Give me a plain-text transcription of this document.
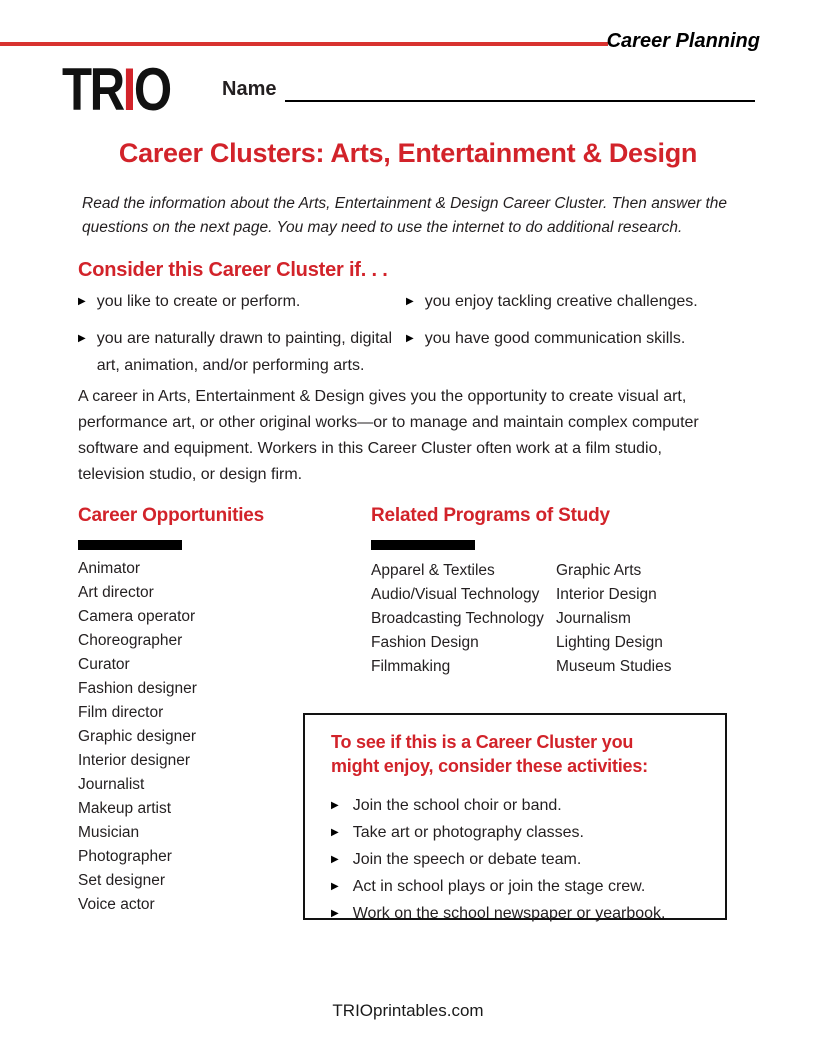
Career Planning
TRIO	Name
Career Clusters: Arts, Entertainment & Design

Read the information about the Arts, Entertainment & Design Career Cluster. Then answer the questions on the next page. You may need to use the internet to do additional research.

Consider this Career Cluster if. . .
▶ you like to create or perform.
▶ you are naturally drawn to painting, digital art, animation, and/or performing arts.
▶ you enjoy tackling creative challenges.
▶ you have good communication skills.

A career in Arts, Entertainment & Design gives you the opportunity to create visual art, performance art, or other original works—or to manage and maintain complex computer software and equipment. Workers in this Career Cluster often work at a film studio, television studio, or design firm.

Career Opportunities
Animator
Art director
Camera operator
Choreographer
Curator
Fashion designer
Film director
Graphic designer
Interior designer
Journalist
Makeup artist
Musician
Photographer
Set designer
Voice actor
Related Programs of Study
Apparel & Textiles
Audio/Visual Technology
Broadcasting Technology
Fashion Design
Filmmaking
Graphic Arts
Interior Design
Journalism
Lighting Design
Museum Studies
To see if this is a Career Cluster you might enjoy, consider these activities:
▶ Join the school choir or band.
▶ Take art or photography classes.
▶ Join the speech or debate team.
▶ Act in school plays or join the stage crew.
▶ Work on the school newspaper or yearbook.
TRIOprintables.com
